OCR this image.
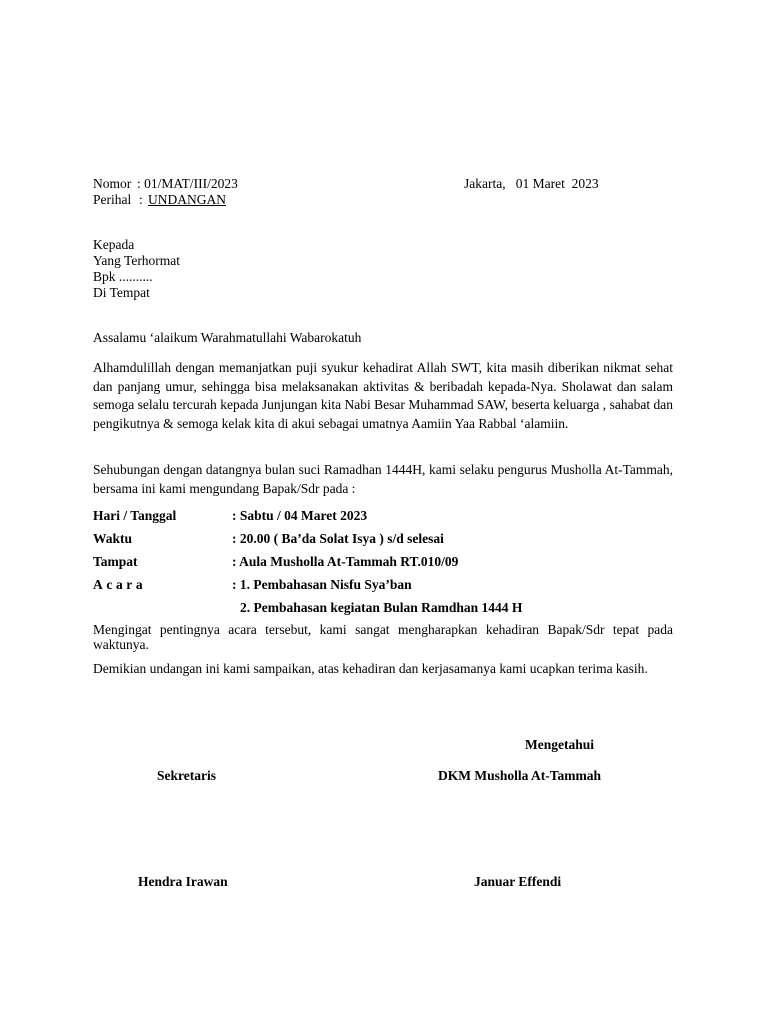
Nomor : 01/MAT/III/2023
Perihal : UNDANGAN
Jakarta,   01 Maret  2023
Kepada
Yang Terhormat
Bpk ..........
Di Tempat
Assalamu ‘alaikum Warahmatullahi Wabarokatuh
Alhamdulillah dengan memanjatkan puji syukur kehadirat Allah SWT, kita masih diberikan nikmat sehat dan panjang umur, sehingga bisa melaksanakan aktivitas & beribadah kepada-Nya. Sholawat dan salam semoga selalu tercurah kepada Junjungan kita Nabi Besar Muhammad SAW, beserta keluarga , sahabat dan pengikutnya & semoga kelak kita di akui sebagai umatnya Aamiin Yaa Rabbal ‘alamiin.
Sehubungan dengan datangnya bulan suci Ramadhan 1444H, kami selaku pengurus Musholla At-Tammah, bersama ini kami mengundang Bapak/Sdr pada :
Hari / Tanggal	: Sabtu / 04 Maret 2023
Waktu	: 20.00 ( Ba’da Solat Isya ) s/d selesai
Tampat	: Aula Musholla At-Tammah RT.010/09
Acara	: 1. Pembahasan Nisfu Sya’ban
2. Pembahasan kegiatan Bulan Ramdhan 1444 H
Mengingat pentingnya acara tersebut, kami sangat mengharapkan kehadiran Bapak/Sdr tepat pada waktunya.
Demikian undangan ini kami sampaikan, atas kehadiran dan kerjasamanya kami ucapkan terima kasih.
Mengetahui
Sekretaris	DKM Musholla At-Tammah
Hendra Irawan	Januar Effendi
